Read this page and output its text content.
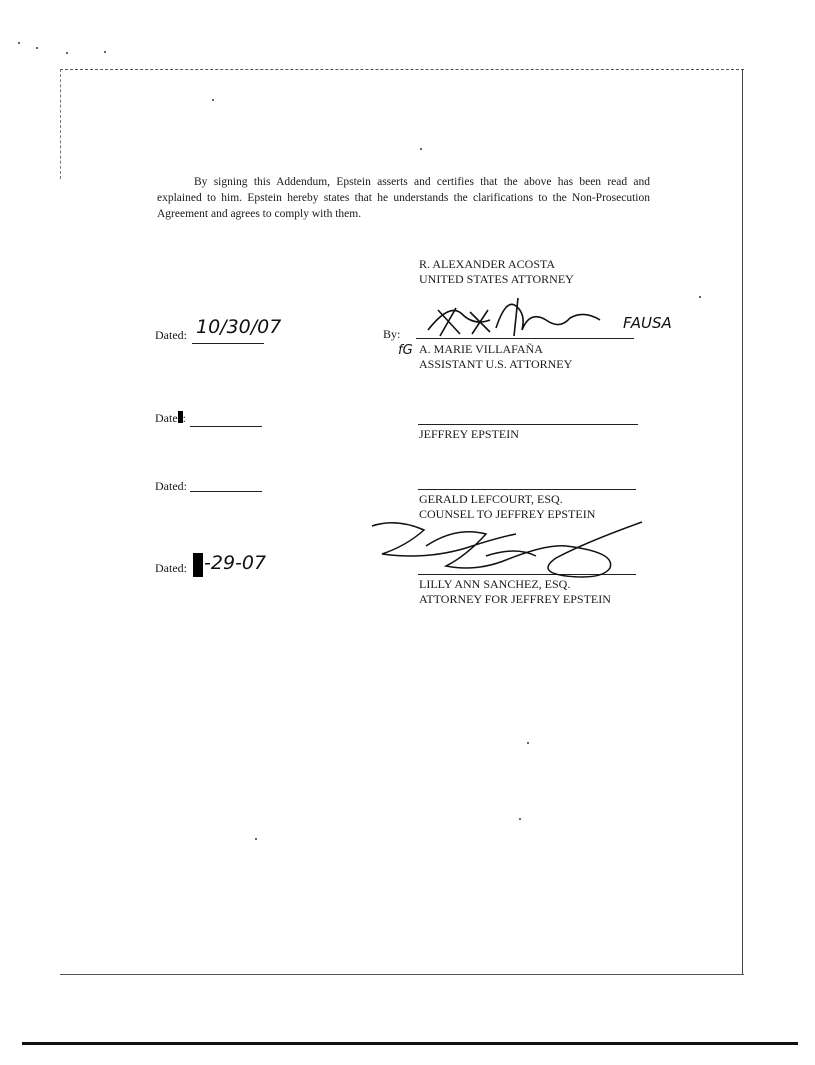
By signing this Addendum, Epstein asserts and certifies that the above has been read and explained to him. Epstein hereby states that he understands the clarifications to the Non-Prosecution Agreement and agrees to comply with them.

R. ALEXANDER ACOSTA
UNITED STATES ATTORNEY
Dated: 10/30/07	By:
FAUSA
fG A. MARIE VILLAFAÑA
ASSISTANT U.S. ATTORNEY
Date :
JEFFREY EPSTEIN
Dated:
GERALD LEFCOURT, ESQ.
COUNSEL TO JEFFREY EPSTEIN
Dated: -29-07
LILLY ANN SANCHEZ, ESQ.
ATTORNEY FOR JEFFREY EPSTEIN
